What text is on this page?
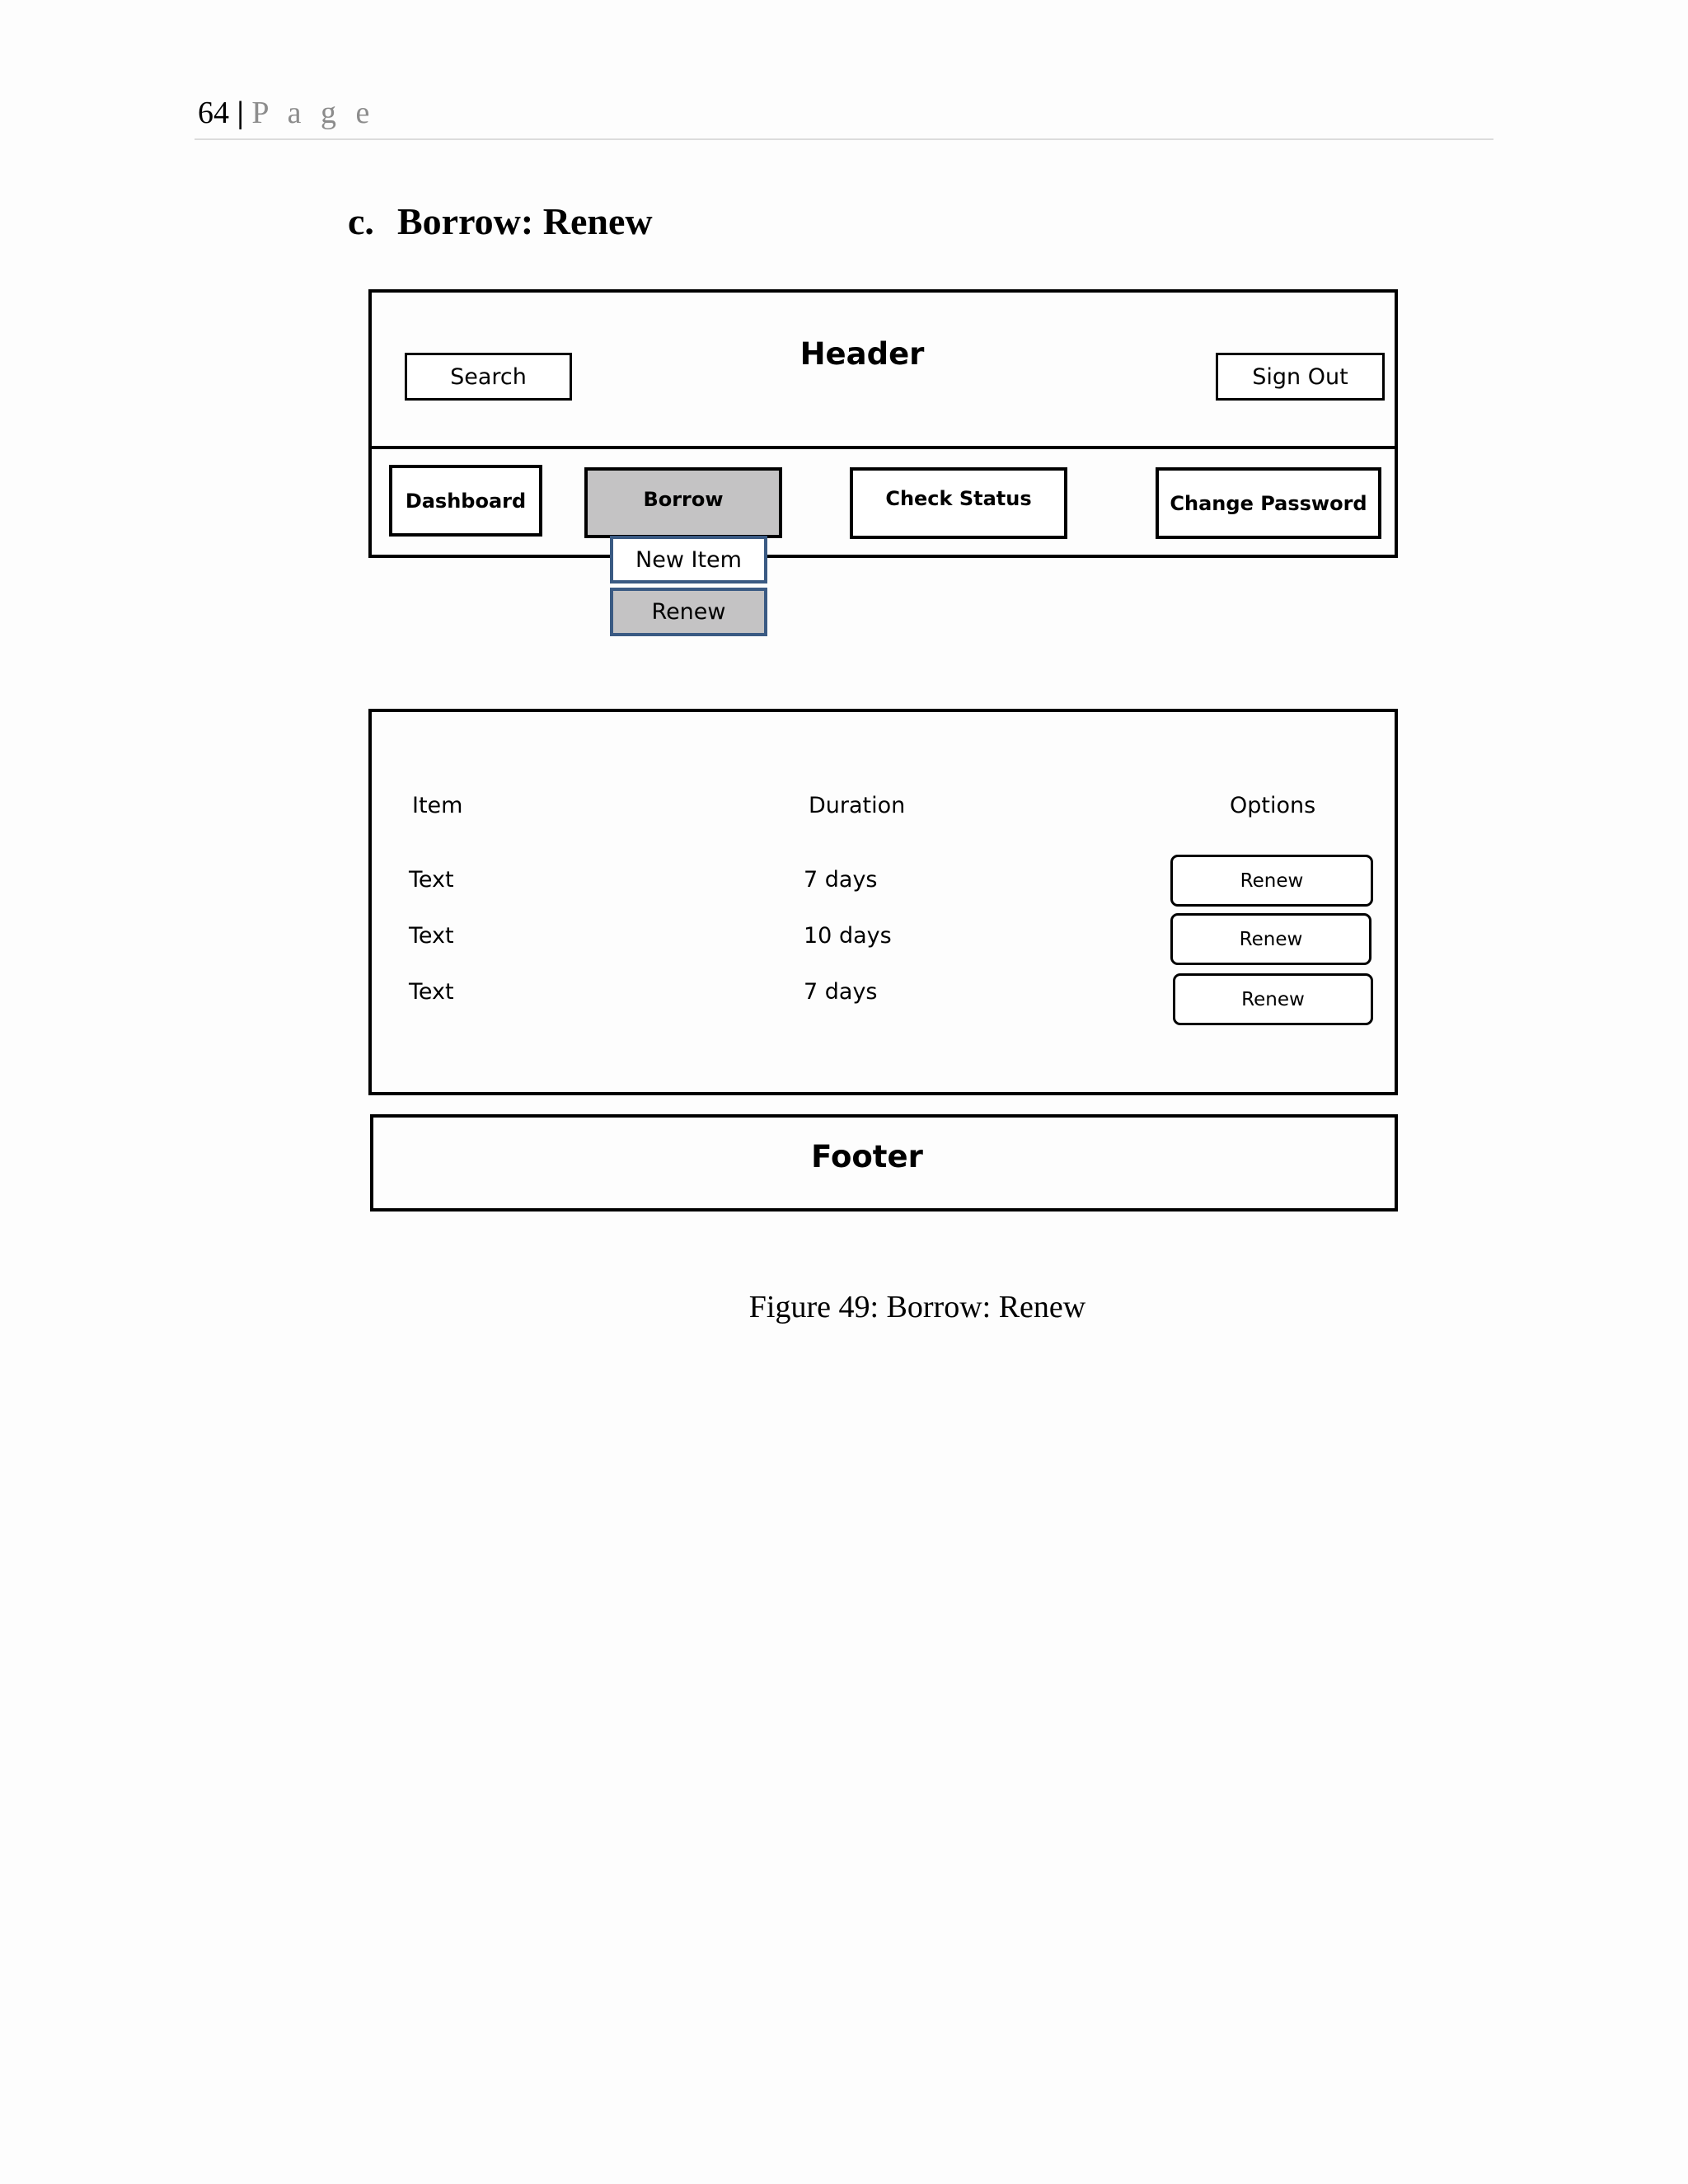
64 | P a g e
c. Borrow: Renew
Header
Search	Sign Out
Dashboard	Borrow	Check Status	Change Password
New Item
Renew
Item	Duration	Options
Text	7 days	Renew
Text	10 days	Renew
Text	7 days	Renew
Footer
Figure 49: Borrow: Renew
